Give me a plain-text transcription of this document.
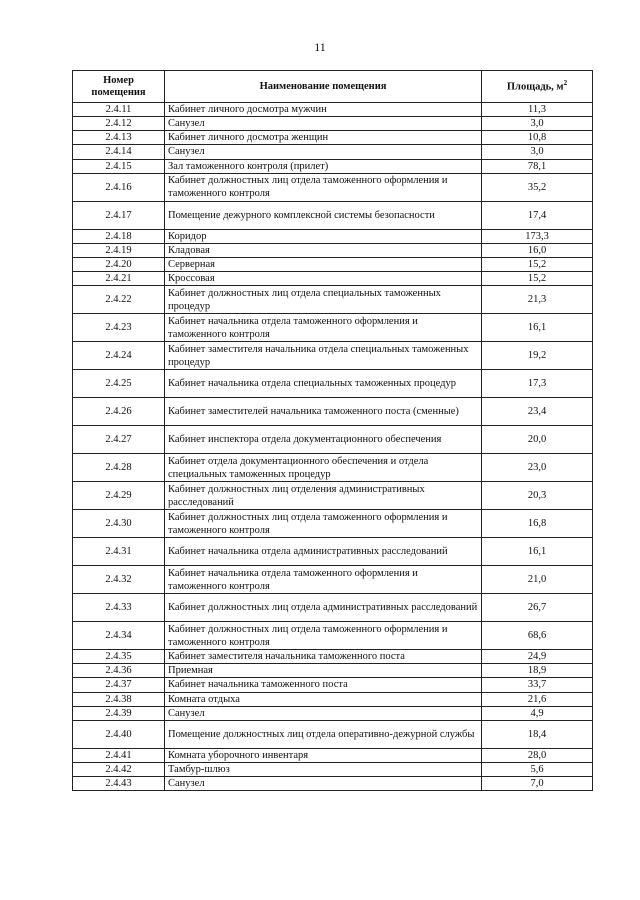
11
Номер помещения	Наименование помещения	Площадь, $м^2$
2.4.11	Кабинет личного досмотра мужчин	11,3
2.4.12	Санузел	3,0
2.4.13	Кабинет личного досмотра женщин	10,8
2.4.14	Санузел	3,0
2.4.15	Зал таможенного контроля (прилет)	78,1
2.4.16	Кабинет должностных лиц отдела таможенного оформления и таможенного контроля	35,2
2.4.17	Помещение дежурного комплексной системы безопасности	17,4
2.4.18	Коридор	173,3
2.4.19	Кладовая	16,0
2.4.20	Серверная	15,2
2.4.21	Кроссовая	15,2
2.4.22	Кабинет должностных лиц отдела специальных таможенных процедур	21,3
2.4.23	Кабинет начальника отдела таможенного оформления и таможенного контроля	16,1
2.4.24	Кабинет заместителя начальника отдела специальных таможенных процедур	19,2
2.4.25	Кабинет начальника отдела специальных таможенных процедур	17,3
2.4.26	Кабинет заместителей начальника таможенного поста (сменные)	23,4
2.4.27	Кабинет инспектора отдела документационного обеспечения	20,0
2.4.28	Кабинет отдела документационного обеспечения и отдела специальных таможенных процедур	23,0
2.4.29	Кабинет должностных лиц отделения административных расследований	20,3
2.4.30	Кабинет должностных лиц отдела таможенного оформления и таможенного контроля	16,8
2.4.31	Кабинет начальника отдела административных расследований	16,1
2.4.32	Кабинет начальника отдела таможенного оформления и таможенного контроля	21,0
2.4.33	Кабинет должностных лиц отдела административных расследований	26,7
2.4.34	Кабинет должностных лиц отдела таможенного оформления и таможенного контроля	68,6
2.4.35	Кабинет заместителя начальника таможенного поста	24,9
2.4.36	Приемная	18,9
2.4.37	Кабинет начальника таможенного поста	33,7
2.4.38	Комната отдыха	21,6
2.4.39	Санузел	4,9
2.4.40	Помещение должностных лиц отдела оперативно-дежурной службы	18,4
2.4.41	Комната уборочного инвентаря	28,0
2.4.42	Тамбур-шлюз	5,6
2.4.43	Санузел	7,0
